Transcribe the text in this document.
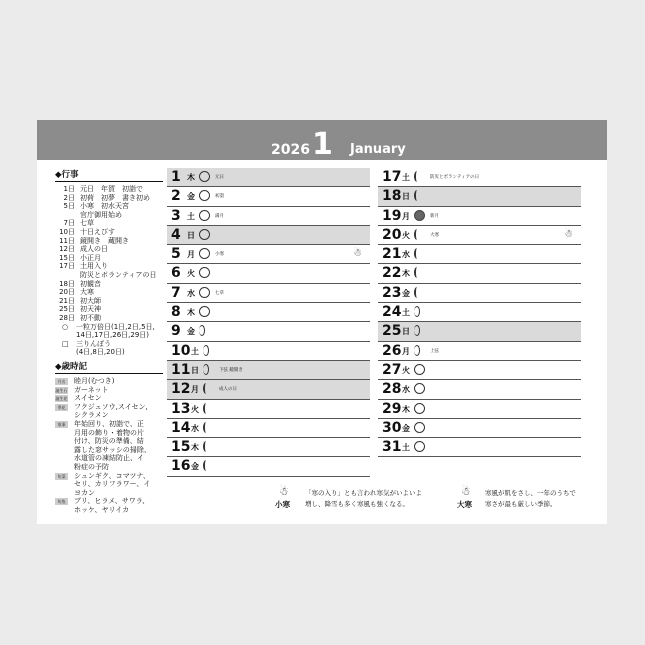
2026 1 January
◆行事
1日 元日　年賀　初詣で
2日 初荷　初夢　書き初め
5日 小寒　初水天宮
官庁御用始め
7日 七草
10日 十日えびす
11日 鏡開き　蔵開き
12日 成人の日
15日 小正月
17日 土用入り
防災とボランティアの日
18日 初観音
20日 大寒
21日 初大師
25日 初天神
28日 初不動
○ 一粒万倍日(1日,2日,5日,
14日,17日,26日,29日)
□ 三りんぼう
(4日,8日,20日)
◆歳時記
月名	睦月(むつき)
誕生石 ガーネット
誕生花 スイセン
季花	フクジュソウ,スイセン,
シクラメン
家事	年始回り、初詣で、正
月用の飾り・着物の片
付け、防災の準備、結
露した窓サッシの掃除、
水道管の凍結防止、イ
粉症の予防
旬菜	シュンギク、コマツナ、
セリ、カリフラワー、イ
ヨカン
旬魚	ブリ、ヒラメ、サワラ、
ホッケ、ヤリイカ
1 木	元日
2 金	初詣
3 土	満月
4 日
5 月	小寒	☃
6 火
7 水	七草
8 木
9 金
10 土
11 日	下弦 鏡開き
12 月	成人の日
13 火
14 水
15 木
16 金
17 土	防災とボランティアの日
18 日
19 月	新月
20 火	大寒	☃
21 水
22 木
23 金
24 土
25 日
26 月	上弦
27 火
28 水
29 木
30 金
31 土
☃
小寒
「寒の入り」とも言われ寒気がいよいよ
増し、降雪も多く寒風も強くなる。
☃
大寒
寒風が肌をさし、一年のうちで
寒さが最も厳しい季節。
